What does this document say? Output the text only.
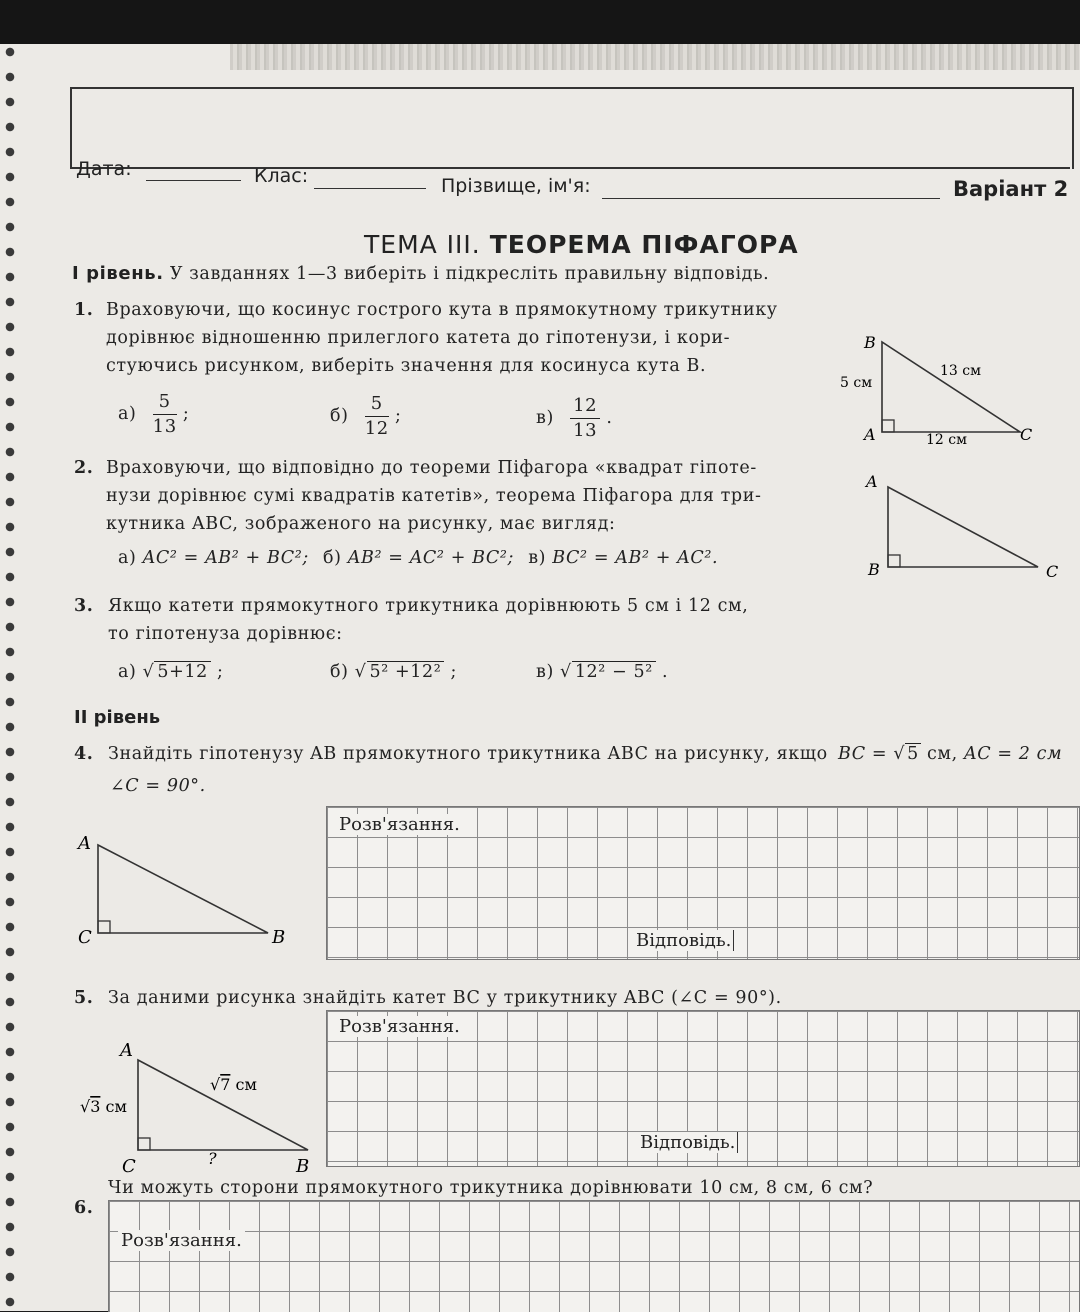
Дата:	Клас:	Прізвище, ім'я:	Варіант 2
ТЕМА III. ТЕОРЕМА ПІФАГОРА
I рівень. У завданнях 1—3 виберіть і підкресліть правильну відповідь.
1. Враховуючи, що косинус гострого кута в прямокутному трикутнику
дорівнює відношенню прилеглого катета до гіпотенузи, і кори-
стуючись рисунком, виберіть значення для косинуса кута B.
$а) \frac{5}{13}$ ;	$б) \frac{5}{12}$ ;	$в) \frac{12}{13}$ .
B
A	C
5 см
13 см
12 см
2. Враховуючи, що відповідно до теореми Піфагора «квадрат гіпоте-
нузи дорівнює сумі квадратів катетів», теорема Піфагора для три-
кутника ABC, зображеного на рисунку, має вигляд:
а) AC² = AB² + BC²; б) AB² = AC² + BC²; в) BC² = AB² + AC².
A
B	C
3. Якщо катети прямокутного трикутника дорівнюють 5 см і 12 см,
то гіпотенуза дорівнює:
а) √ 5+12 ;	б) √ 5² +12² ;	в) √ 12² − 5² .
II рівень
4. Знайдіть гіпотенузу AB прямокутного трикутника ABC на рисунку, якщо BC = √ 5 см, AC = 2 см
∠C = 90°.
A
C	B
Розв'язання.
Відповідь.
5. За даними рисунка знайдіть катет BC у трикутнику ABC (∠C = 90°).
A
C	B
?
√3 см
√7 см
Розв'язання.
Відповідь.
6.
Чи можуть сторони прямокутного трикутника дорівнювати 10 см, 8 см, 6 см?
Розв'язання.
